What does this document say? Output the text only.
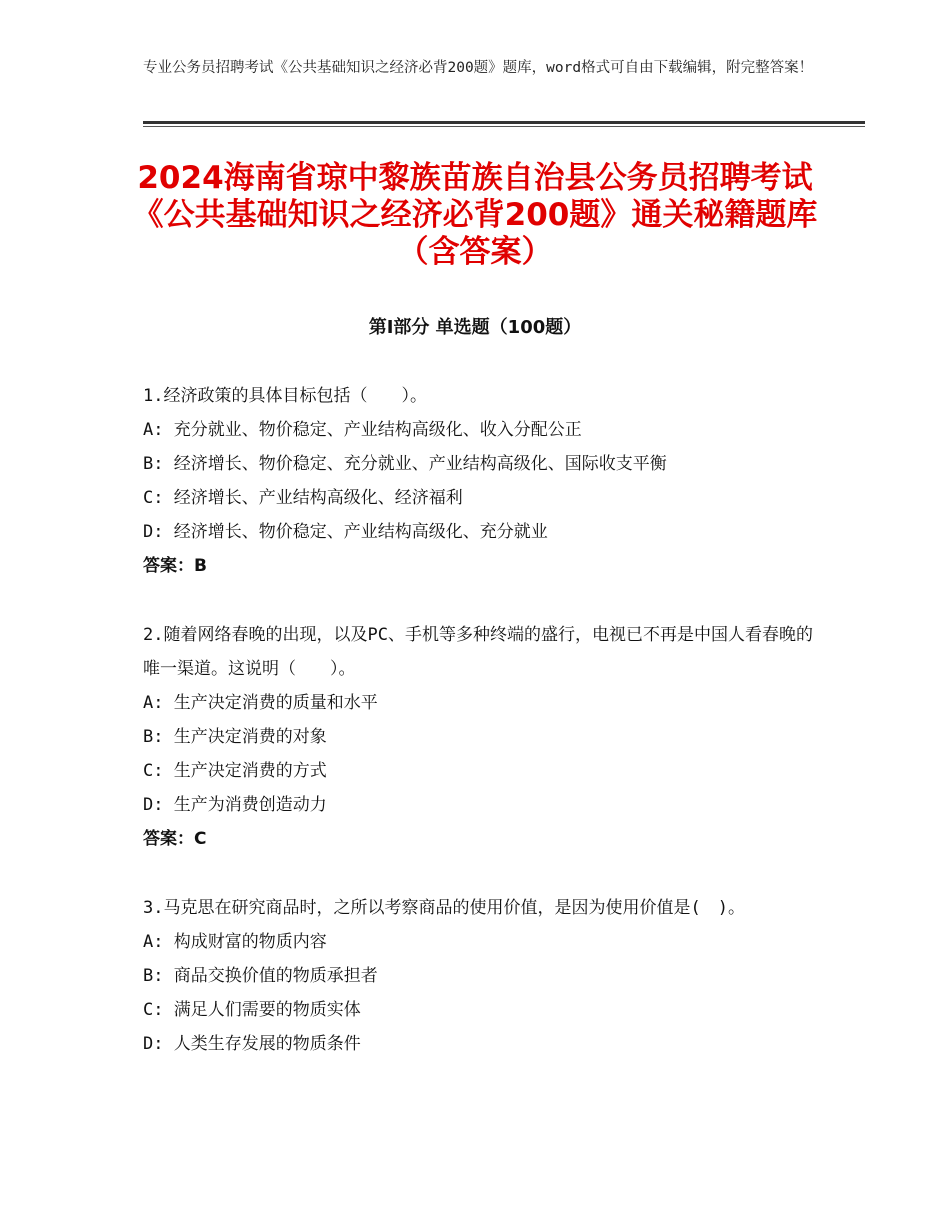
专业公务员招聘考试《公共基础知识之经济必背200题》题库，word格式可自由下载编辑，附完整答案！
2024海南省琼中黎族苗族自治县公务员招聘考试《公共基础知识之经济必背200题》通关秘籍题库（含答案）
第Ⅰ部分 单选题（100题）
1.经济政策的具体目标包括（　　）。
A: 充分就业、物价稳定、产业结构高级化、收入分配公正
B: 经济增长、物价稳定、充分就业、产业结构高级化、国际收支平衡
C: 经济增长、产业结构高级化、经济福利
D: 经济增长、物价稳定、产业结构高级化、充分就业
答案：B
2.随着网络春晚的出现，以及PC、手机等多种终端的盛行，电视已不再是中国人看春晚的唯一渠道。这说明（　　）。
A: 生产决定消费的质量和水平
B: 生产决定消费的对象
C: 生产决定消费的方式
D: 生产为消费创造动力
答案：C
3.马克思在研究商品时，之所以考察商品的使用价值，是因为使用价值是(　)。
A: 构成财富的物质内容
B: 商品交换价值的物质承担者
C: 满足人们需要的物质实体
D: 人类生存发展的物质条件
